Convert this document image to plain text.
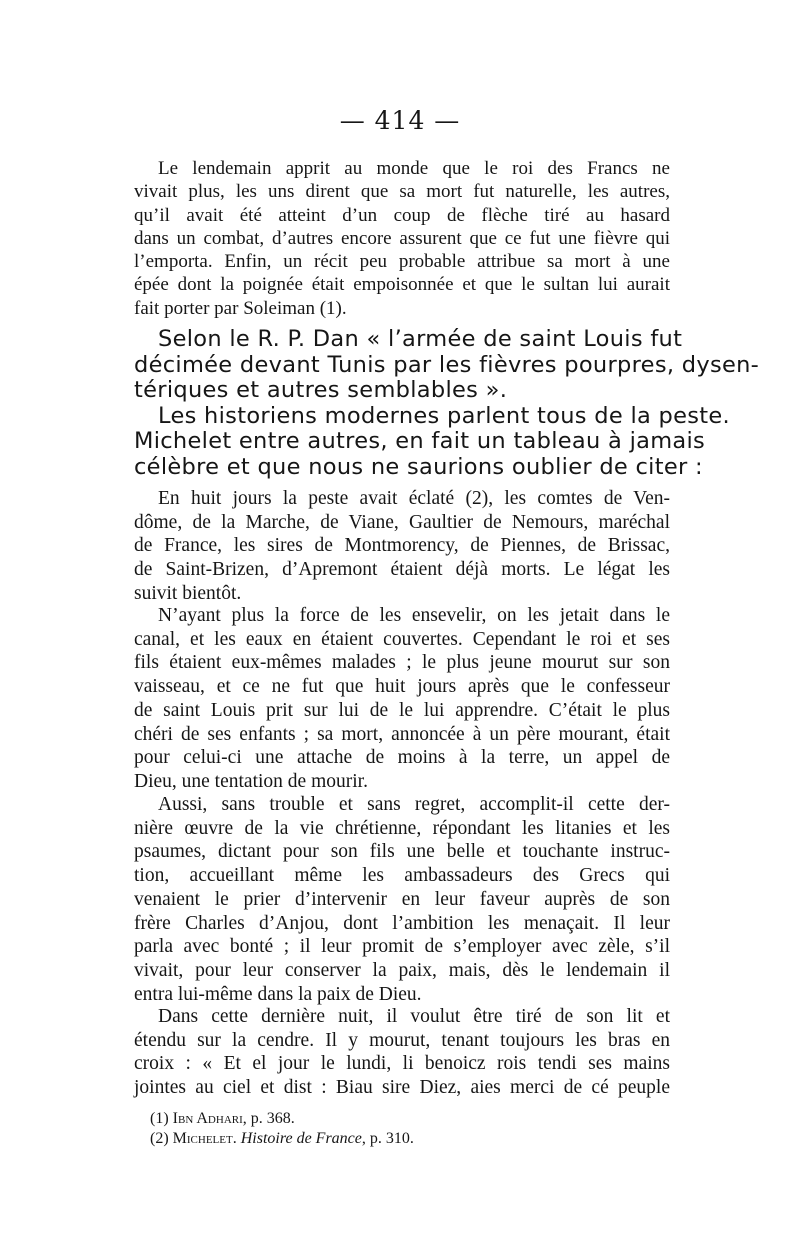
— 414 —
Le lendemain apprit au monde que le roi des Francs ne
vivait plus, les uns dirent que sa mort fut naturelle, les autres,
qu’il avait été atteint d’un coup de flèche tiré au hasard
dans un combat, d’autres encore assurent que ce fut une fièvre qui
l’emporta. Enfin, un récit peu probable attribue sa mort à une
épée dont la poignée était empoisonnée et que le sultan lui aurait
fait porter par Soleiman (1).
Selon le R. P. Dan « l’armée de saint Louis fut
décimée devant Tunis par les fièvres pourpres, dysen-
tériques et autres semblables ».
Les historiens modernes parlent tous de la peste.
Michelet entre autres, en fait un tableau à jamais
célèbre et que nous ne saurions oublier de citer :
En huit jours la peste avait éclaté (2), les comtes de Ven-
dôme, de la Marche, de Viane, Gaultier de Nemours, maréchal
de France, les sires de Montmorency, de Piennes, de Brissac,
de Saint-Brizen, d’Apremont étaient déjà morts. Le légat les
suivit bientôt.
N’ayant plus la force de les ensevelir, on les jetait dans le
canal, et les eaux en étaient couvertes. Cependant le roi et ses
fils étaient eux-mêmes malades ; le plus jeune mourut sur son
vaisseau, et ce ne fut que huit jours après que le confesseur
de saint Louis prit sur lui de le lui apprendre. C’était le plus
chéri de ses enfants ; sa mort, annoncée à un père mourant, était
pour celui-ci une attache de moins à la terre, un appel de
Dieu, une tentation de mourir.
Aussi, sans trouble et sans regret, accomplit-il cette der-
nière œuvre de la vie chrétienne, répondant les litanies et les
psaumes, dictant pour son fils une belle et touchante instruc-
tion, accueillant même les ambassadeurs des Grecs qui
venaient le prier d’intervenir en leur faveur auprès de son
frère Charles d’Anjou, dont l’ambition les menaçait. Il leur
parla avec bonté ; il leur promit de s’employer avec zèle, s’il
vivait, pour leur conserver la paix, mais, dès le lendemain il
entra lui-même dans la paix de Dieu.
Dans cette dernière nuit, il voulut être tiré de son lit et
étendu sur la cendre. Il y mourut, tenant toujours les bras en
croix : « Et el jour le lundi, li benoicz rois tendi ses mains
jointes au ciel et dist : Biau sire Diez, aies merci de cé peuple
(1) Ibn Adhari, p. 368.
(2) Michelet. Histoire de France, p. 310.
